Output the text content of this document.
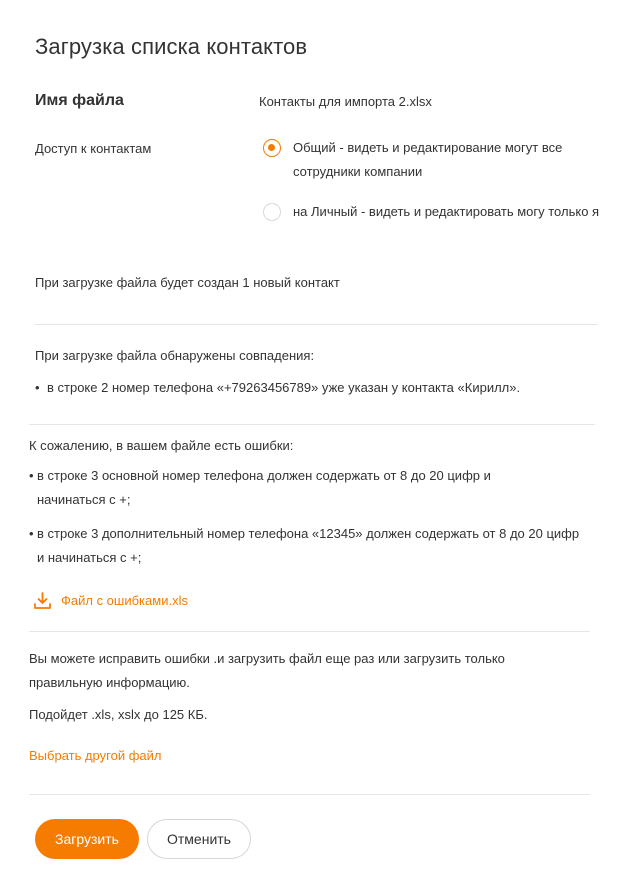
Загрузка списка контактов
Имя файла	Контакты для импорта 2.xlsx
Доступ к контактам	Общий - видеть и редактирование могут все сотрудники компании
на Личный - видеть и редактировать могу только я
При загрузке файла будет создан 1 новый контакт
При загрузке файла обнаружены совпадения:
• в строке 2 номер телефона «+79263456789» уже указан у контакта «Кирилл».
К сожалению, в вашем файле есть ошибки:
• в строке 3 основной номер телефона должен содержать от 8 до 20 цифр и начинаться с +;
• в строке 3 дополнительный номер телефона «12345» должен содержать от 8 до 20 цифр и начинаться с +;
Файл с ошибками.xls
Вы можете исправить ошибки .и загрузить файл еще раз или загрузить только правильную информацию.
Подойдет .xls, xslx до 125 КБ.
Выбрать другой файл
Загрузить	Отменить
